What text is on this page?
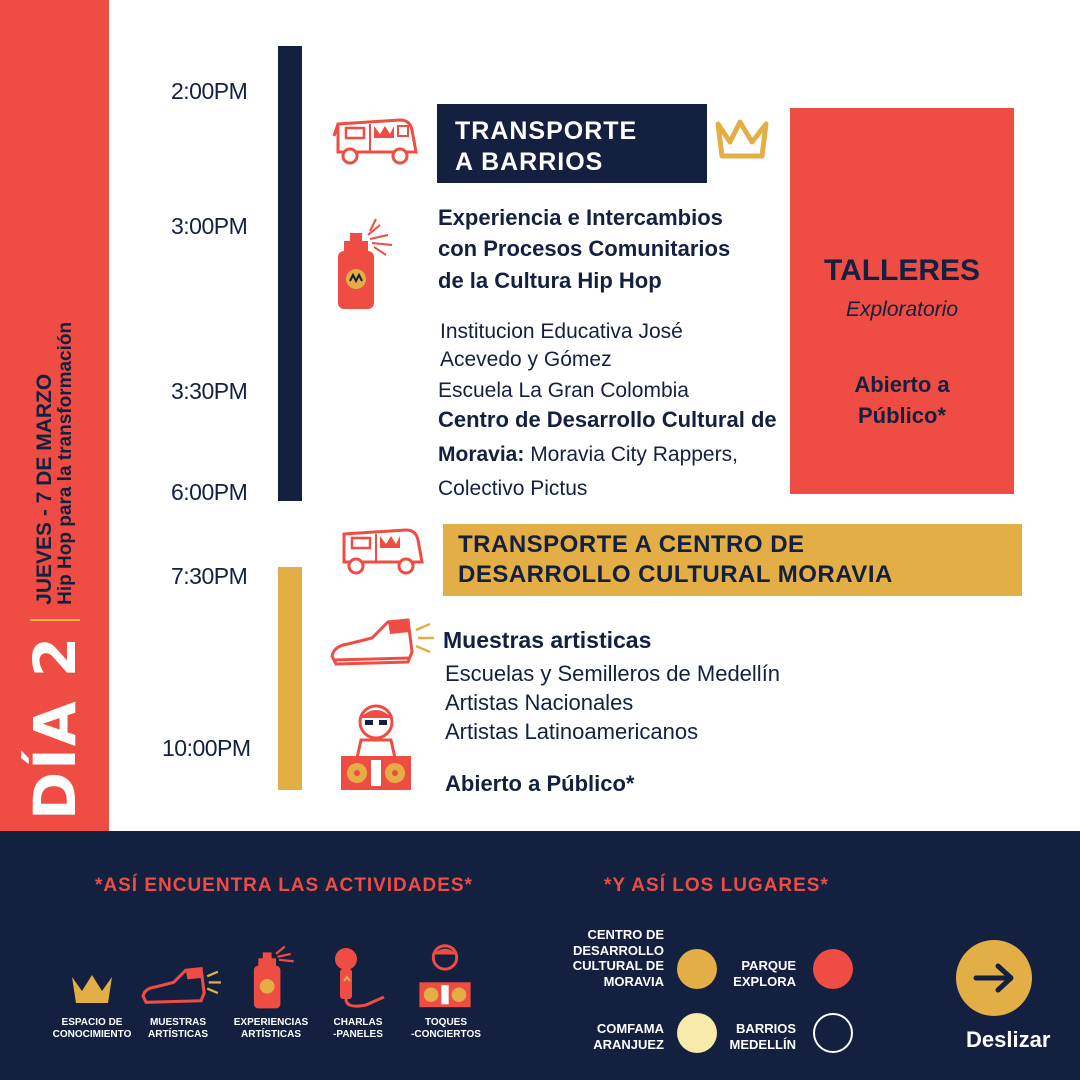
DÍA 2
JUEVES - 7 DE MARZO Hip Hop para la transformación
2:00PM
3:00PM
3:30PM
6:00PM
7:30PM
10:00PM
TRANSPORTE
A BARRIOS
TALLERES
Exploratorio
Abierto a
Público*
Experiencia e Intercambios
con Procesos Comunitarios
de la Cultura Hip Hop
Institucion Educativa José
Acevedo y Gómez
Escuela La Gran Colombia
Centro de Desarrollo Cultural de
Moravia: Moravia City Rappers,
Colectivo Pictus
TRANSPORTE A CENTRO DE
DESARROLLO CULTURAL MORAVIA
Muestras artisticas
Escuelas y Semilleros de Medellín
Artistas Nacionales
Artistas Latinoamericanos
Abierto a Público*
*ASÍ ENCUENTRA LAS ACTIVIDADES*	*Y ASÍ LOS LUGARES*
ESPACIO DE
CONOCIMIENTO
MUESTRAS
ARTÍSTICAS
EXPERIENCIAS
ARTÍSTICAS
CHARLAS
-PANELES
TOQUES
-CONCIERTOS
CENTRO DE DESARROLLO CULTURAL DE MORAVIA
PARQUE EXPLORA
COMFAMA ARANJUEZ
BARRIOS MEDELLÍN	Deslizar
